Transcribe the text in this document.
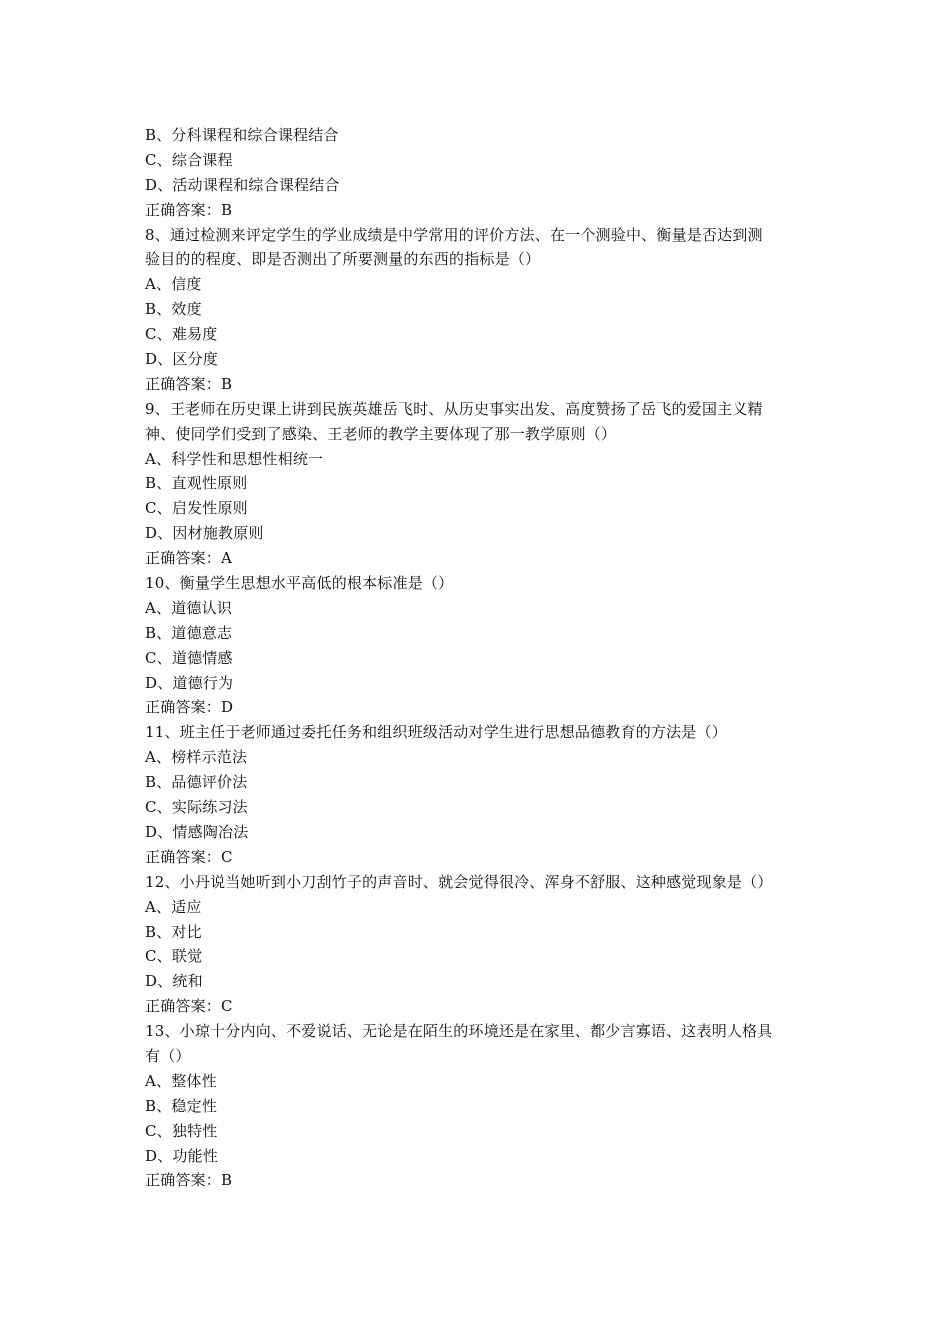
B、分科课程和综合课程结合
C、综合课程
D、活动课程和综合课程结合
正确答案：B
8、通过检测来评定学生的学业成绩是中学常用的评价方法、在一个测验中、衡量是否达到测
验目的的程度、即是否测出了所要测量的东西的指标是（）
A、信度
B、效度
C、难易度
D、区分度
正确答案：B
9、王老师在历史课上讲到民族英雄岳飞时、从历史事实出发、高度赞扬了岳飞的爱国主义精
神、使同学们受到了感染、王老师的教学主要体现了那一教学原则（）
A、科学性和思想性相统一
B、直观性原则
C、启发性原则
D、因材施教原则
正确答案：A
10、衡量学生思想水平高低的根本标准是（）
A、道德认识
B、道德意志
C、道德情感
D、道德行为
正确答案：D
11、班主任于老师通过委托任务和组织班级活动对学生进行思想品德教育的方法是（）
A、榜样示范法
B、品德评价法
C、实际练习法
D、情感陶冶法
正确答案：C
12、小丹说当她听到小刀刮竹子的声音时、就会觉得很冷、浑身不舒服、这种感觉现象是（）
A、适应
B、对比
C、联觉
D、统和
正确答案：C
13、小琼十分内向、不爱说话、无论是在陌生的环境还是在家里、都少言寡语、这表明人格具
有（）
A、整体性
B、稳定性
C、独特性
D、功能性
正确答案：B
